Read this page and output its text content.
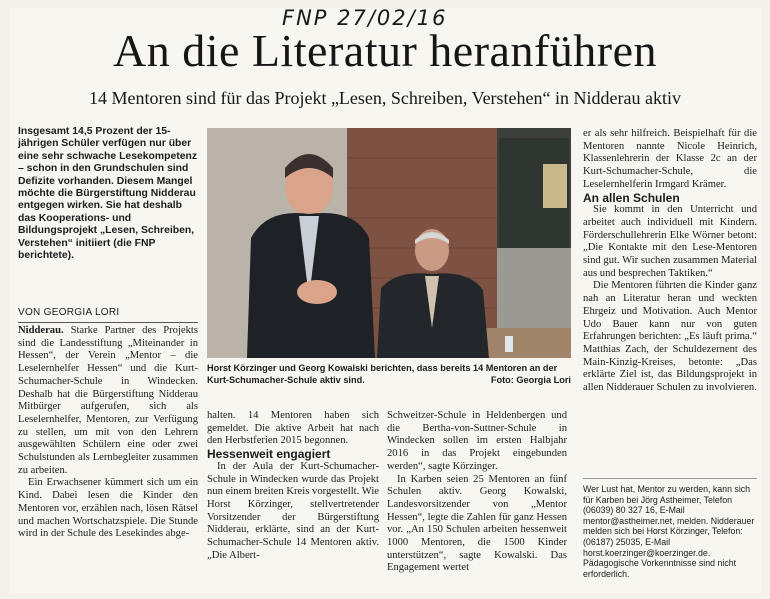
FNP 27/02/16
An die Literatur heranführen
14 Mentoren sind für das Projekt „Lesen, Schreiben, Verstehen“ in Nidderau aktiv
Insgesamt 14,5 Prozent der 15-jährigen Schüler verfügen nur über eine sehr schwache Lesekompetenz – schon in den Grundschulen sind Defizite vorhanden. Diesem Mangel möchte die Bürgerstiftung Nidderau entgegen wirken. Sie hat deshalb das Kooperations- und Bildungsprojekt „Lesen, Schreiben, Verstehen“ initiiert (die FNP berichtete).
VON GEORGIA LORI

Nidderau. Starke Partner des Projekts sind die Landesstiftung „Miteinander in Hessen“, der Verein „Mentor – die Leselernhelfer Hessen“ und die Kurt-Schumacher-Schule in Windecken. Deshalb hat die Bürgerstiftung Nidderau Mitbürger aufgerufen, sich als Leselernhelfer, Mentoren, zur Verfügung zu stellen, um mit von den Lehrern ausgewählten Schülern eine oder zwei Schulstunden als Lernbegleiter zusammen zu arbeiten.

Ein Erwachsener kümmert sich um ein Kind. Dabei lesen die Kinder den Mentoren vor, erzählen nach, lösen Rätsel und machen Wortschatzspiele. Die Stunde wird in der Schule des Lesekindes abge-

Horst Körzinger und Georg Kowalski berichten, dass bereits 14 Mentoren an der Kurt-Schumacher-Schule aktiv sind.	Foto: Georgia Lori

halten. 14 Mentoren haben sich gemeldet. Die aktive Arbeit hat nach den Herbstferien 2015 begonnen.

Hessenweit engagiert

In der Aula der Kurt-Schumacher-Schule in Windecken wurde das Projekt nun einem breiten Kreis vorgestellt. Wie Horst Körzinger, stellvertretender Vorsitzender der Bürgerstiftung Nidderau, erklärte, sind an der Kurt-Schumacher-Schule 14 Mentoren aktiv. „Die Albert-

Schweitzer-Schule in Heldenbergen und die Bertha-von-Suttner-Schule in Windecken sollen im ersten Halbjahr 2016 in das Projekt eingebunden werden“, sagte Körzinger.

In Karben seien 25 Mentoren an fünf Schulen aktiv. Georg Kowalski, Landesvorsitzender von „Mentor Hessen“, legte die Zahlen für ganz Hessen vor. „An 150 Schulen arbeiten hessenweit 1000 Mentoren, die 1500 Kinder unterstützen“, sagte Kowalski. Das Engagement wertet

er als sehr hilfreich. Beispielhaft für die Mentoren nannte Nicole Heinrich, Klassenlehrerin der Klasse 2c an der Kurt-Schumacher-Schule, die Leselernhelferin Irmgard Krämer.

An allen Schulen

Sie kommt in den Unterricht und arbeitet auch individuell mit Kindern. Förderschullehrerin Elke Wörner betont: „Die Kontakte mit den Lese-Mentoren sind gut. Wir suchen zusammen Material aus und besprechen Taktiken.“

Die Mentoren führten die Kinder ganz nah an Literatur heran und weckten Ehrgeiz und Motivation. Auch Mentor Udo Bauer kann nur von guten Erfahrungen berichten: „Es läuft prima.“ Matthias Zach, der Schuldezernent des Main-Kinzig-Kreises, betonte: „Das erklärte Ziel ist, das Bildungsprojekt in allen Nidderauer Schulen zu involvieren.

Wer Lust hat, Mentor zu werden, kann sich für Karben bei Jörg Astheimer, Telefon (06039) 80 327 16, E-Mail mentor@astheimer.net, melden. Nidderauer melden sich bei Horst Körzinger, Telefon: (06187) 25035, E-Mail horst.koerzinger@koerzinger.de. Pädagogische Vorkenntnisse sind nicht erforderlich.
